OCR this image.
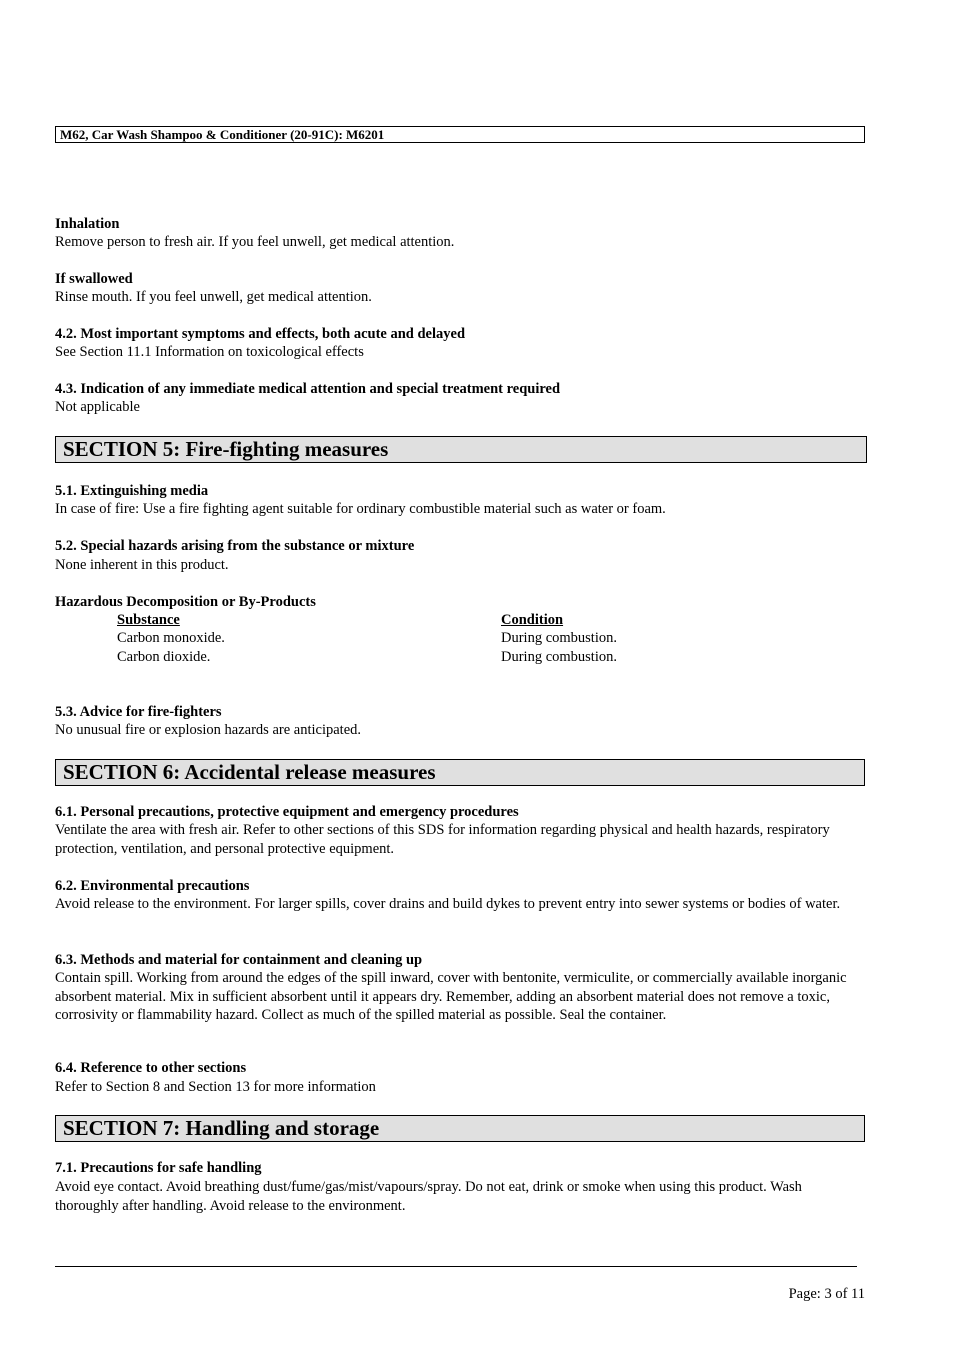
M62, Car Wash Shampoo & Conditioner (20-91C): M6201
Inhalation
Remove person to fresh air. If you feel unwell, get medical attention.
If swallowed
Rinse mouth. If you feel unwell, get medical attention.
4.2. Most important symptoms and effects, both acute and delayed
See Section 11.1 Information on toxicological effects
4.3. Indication of any immediate medical attention and special treatment required
Not applicable
SECTION 5: Fire-fighting measures
5.1. Extinguishing media
In case of fire: Use a fire fighting agent suitable for ordinary combustible material such as water or foam.
5.2. Special hazards arising from the substance or mixture
None inherent in this product.
Hazardous Decomposition or By-Products
Substance	Condition
Carbon monoxide.	During combustion.
Carbon dioxide.	During combustion.
5.3. Advice for fire-fighters
No unusual fire or explosion hazards are anticipated.
SECTION 6: Accidental release measures
6.1. Personal precautions, protective equipment and emergency procedures
Ventilate the area with fresh air. Refer to other sections of this SDS for information regarding physical and health hazards, respiratory protection, ventilation, and personal protective equipment.
6.2. Environmental precautions
Avoid release to the environment. For larger spills, cover drains and build dykes to prevent entry into sewer systems or bodies of water.
6.3. Methods and material for containment and cleaning up
Contain spill. Working from around the edges of the spill inward, cover with bentonite, vermiculite, or commercially available inorganic absorbent material. Mix in sufficient absorbent until it appears dry. Remember, adding an absorbent material does not remove a toxic, corrosivity or flammability hazard. Collect as much of the spilled material as possible. Seal the container.
6.4. Reference to other sections
Refer to Section 8 and Section 13 for more information
SECTION 7: Handling and storage
7.1. Precautions for safe handling
Avoid eye contact. Avoid breathing dust/fume/gas/mist/vapours/spray. Do not eat, drink or smoke when using this product. Wash thoroughly after handling. Avoid release to the environment.
Page: 3 of 11
